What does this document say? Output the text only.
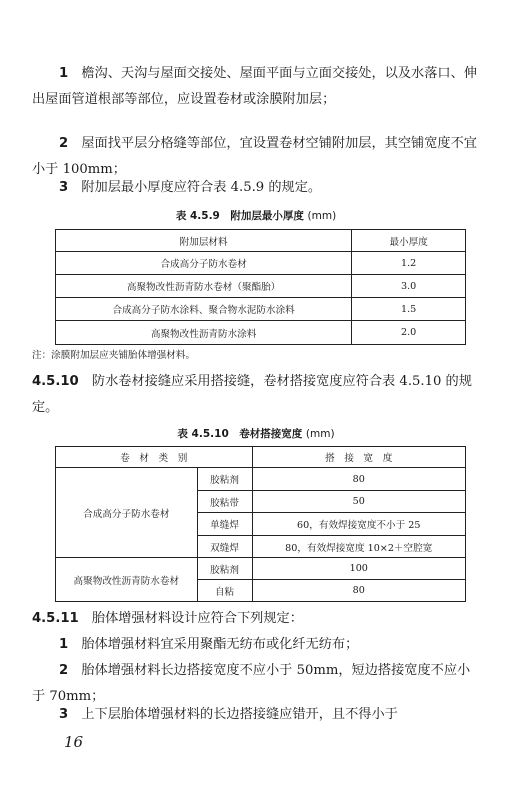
1　 檐沟、天沟与屋面交接处、屋面平面与立面交接处，以及水落口、伸出屋面管道根部等部位，应设置卷材或涂膜附加层；

2　 屋面找平层分格缝等部位，宜设置卷材空铺附加层，其空铺宽度不宜小于 100mm；

3　 附加层最小厚度应符合表 4.5.9 的规定。

表 4.5.9　附加层最小厚度 (mm)
附加层材料	最小厚度
合成高分子防水卷材	1.2
高聚物改性沥青防水卷材（聚酯胎）	3.0
合成高分子防水涂料、聚合物水泥防水涂料	1.5
高聚物改性沥青防水涂料	2.0
注：涂膜附加层应夹铺胎体增强材料。

4.5.10　 防水卷材接缝应采用搭接缝，卷材搭接宽度应符合表 4.5.10 的规定。

表 4.5.10　卷材搭接宽度 (mm)
卷　材　类　别		搭　接　宽　度
合成高分子防水卷材	胶粘剂	80
	胶粘带	50
	单缝焊	60，有效焊接宽度不小于 25
	双缝焊	80，有效焊接宽度 10×2＋空腔宽
高聚物改性沥青防水卷材	胶粘剂	100
	自粘	80

4.5.11　 胎体增强材料设计应符合下列规定：

1　 胎体增强材料宜采用聚酯无纺布或化纤无纺布；

2　 胎体增强材料长边搭接宽度不应小于 50mm，短边搭接宽度不应小于 70mm；

3　 上下层胎体增强材料的长边搭接缝应错开，且不得小于

16
